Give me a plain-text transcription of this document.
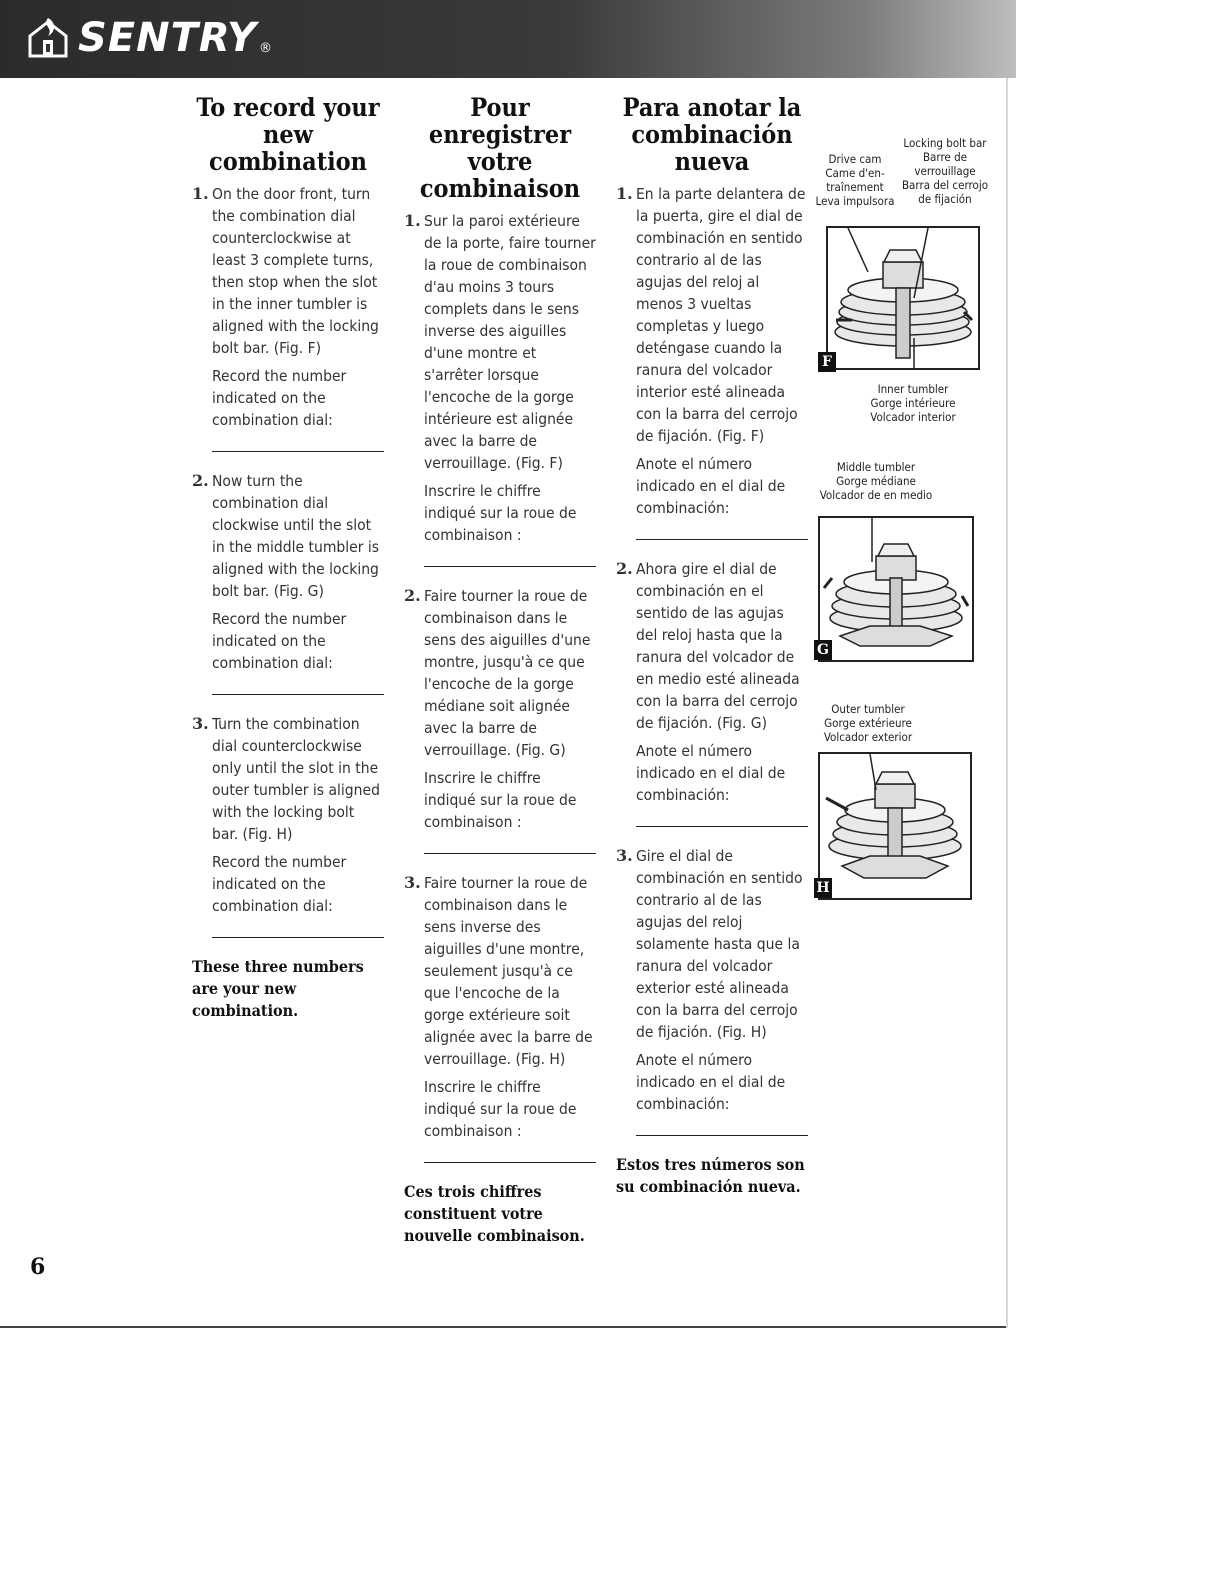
SENTRY ®
To record your new combination
1. On the door front, turn the combination dial counterclockwise at least 3 complete turns, then stop when the slot in the inner tumbler is aligned with the locking bolt bar. (Fig. F)

Record the number indicated on the combination dial:

2. Now turn the combination dial clockwise until the slot in the middle tumbler is aligned with the locking bolt bar. (Fig. G)

Record the number indicated on the combination dial:

3. Turn the combination dial counterclockwise only until the slot in the outer tumbler is aligned with the locking bolt bar. (Fig. H)

Record the number indicated on the combination dial:

These three numbers are your new combination.
Pour enregistrer votre combinaison
1. Sur la paroi extérieure de la porte, faire tourner la roue de combinaison d'au moins 3 tours complets dans le sens inverse des aiguilles d'une montre et s'arrêter lorsque l'encoche de la gorge intérieure est alignée avec la barre de verrouillage. (Fig. F)

Inscrire le chiffre indiqué sur la roue de combinaison :

2. Faire tourner la roue de combinaison dans le sens des aiguilles d'une montre, jusqu'à ce que l'encoche de la gorge médiane soit alignée avec la barre de verrouillage. (Fig. G)

Inscrire le chiffre indiqué sur la roue de combinaison :

3. Faire tourner la roue de combinaison dans le sens inverse des aiguilles d'une montre, seulement jusqu'à ce que l'encoche de la gorge extérieure soit alignée avec la barre de verrouillage. (Fig. H)

Inscrire le chiffre indiqué sur la roue de combinaison :

Ces trois chiffres constituent votre nouvelle combinaison.
Para anotar la combinación nueva
1. En la parte delantera de la puerta, gire el dial de combinación en sentido contrario al de las agujas del reloj al menos 3 vueltas completas y luego deténgase cuando la ranura del volcador interior esté alineada con la barra del cerrojo de fijación. (Fig. F)

Anote el número indicado en el dial de combinación:

2. Ahora gire el dial de combinación en el sentido de las agujas del reloj hasta que la ranura del volcador de en medio esté alineada con la barra del cerrojo de fijación. (Fig. G)

Anote el número indicado en el dial de combinación:

3. Gire el dial de combinación en sentido contrario al de las agujas del reloj solamente hasta que la ranura del volcador exterior esté alineada con la barra del cerrojo de fijación. (Fig. H)

Anote el número indicado en el dial de combinación:

Estos tres números son su combinación nueva.
Drive cam
Came d'en-
traînement
Leva impulsora
Locking bolt bar
Barre de
verrouillage
Barra del cerrojo
de fijación
F
Inner tumbler
Gorge intérieure
Volcador interior
Middle tumbler
Gorge médiane
Volcador de en medio
G
Outer tumbler
Gorge extérieure
Volcador exterior
H
6
